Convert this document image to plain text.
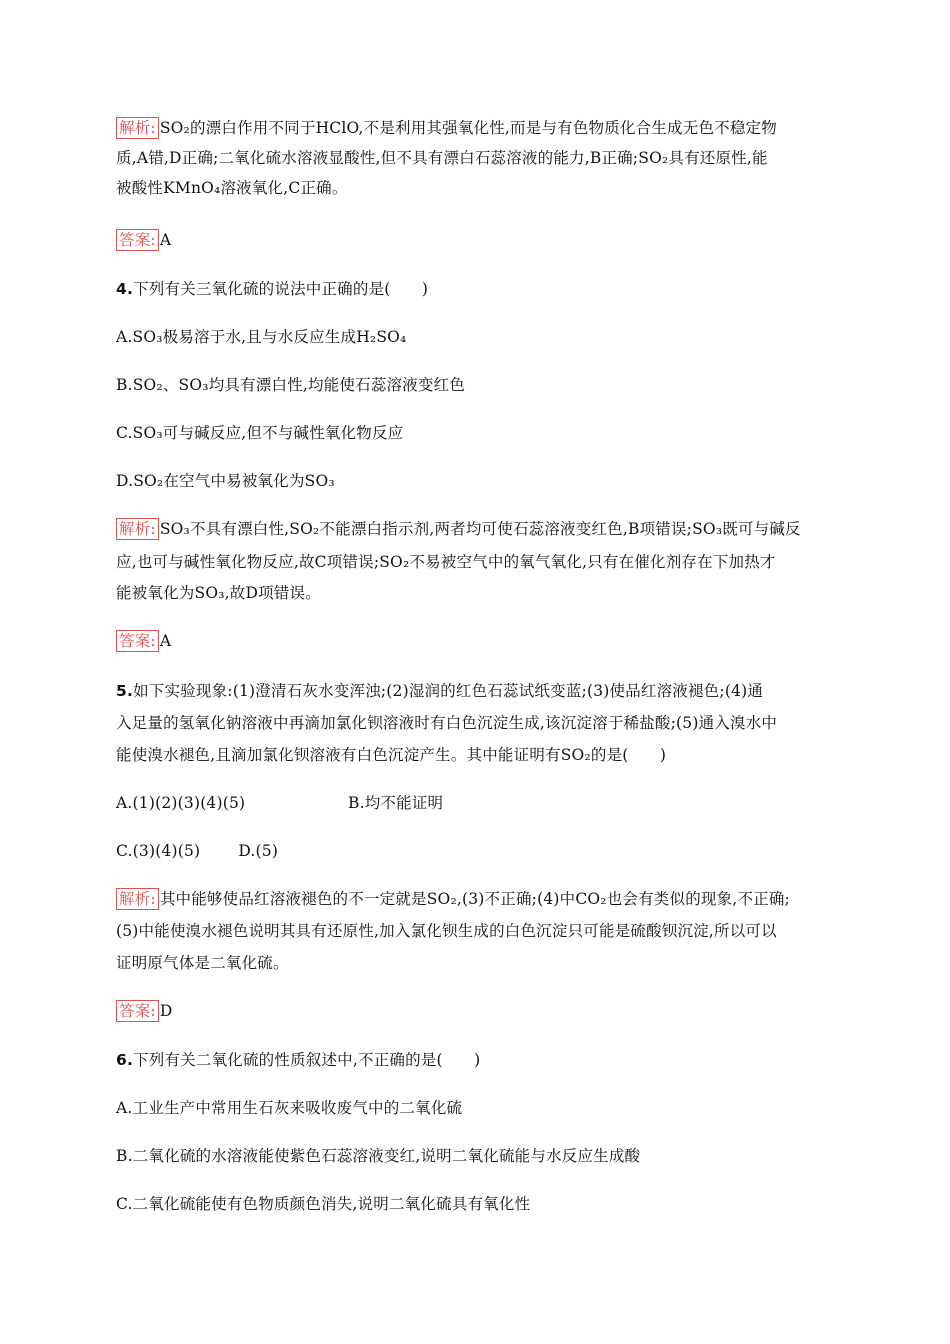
解析: SO₂的漂白作用不同于HClO,不是利用其强氧化性,而是与有色物质化合生成无色不稳定物
质,A错,D正确;二氧化硫水溶液显酸性,但不具有漂白石蕊溶液的能力,B正确;SO₂具有还原性,能
被酸性KMnO₄溶液氧化,C正确。
答案: A
4.下列有关三氧化硫的说法中正确的是(　　)
A.SO₃极易溶于水,且与水反应生成H₂SO₄
B.SO₂、SO₃均具有漂白性,均能使石蕊溶液变红色
C.SO₃可与碱反应,但不与碱性氧化物反应
D.SO₂在空气中易被氧化为SO₃
解析: SO₃不具有漂白性,SO₂不能漂白指示剂,两者均可使石蕊溶液变红色,B项错误;SO₃既可与碱反
应,也可与碱性氧化物反应,故C项错误;SO₂不易被空气中的氧气氧化,只有在催化剂存在下加热才
能被氧化为SO₃,故D项错误。
答案: A
5.如下实验现象:(1)澄清石灰水变浑浊;(2)湿润的红色石蕊试纸变蓝;(3)使品红溶液褪色;(4)通
入足量的氢氧化钠溶液中再滴加氯化钡溶液时有白色沉淀生成,该沉淀溶于稀盐酸;(5)通入溴水中
能使溴水褪色,且滴加氯化钡溶液有白色沉淀产生。其中能证明有SO₂的是(　　)
A.(1)(2)(3)(4)(5)	B.均不能证明
C.(3)(4)(5) D.(5)
解析: 其中能够使品红溶液褪色的不一定就是SO₂,(3)不正确;(4)中CO₂也会有类似的现象,不正确;
(5)中能使溴水褪色说明其具有还原性,加入氯化钡生成的白色沉淀只可能是硫酸钡沉淀,所以可以
证明原气体是二氧化硫。
答案: D
6.下列有关二氧化硫的性质叙述中,不正确的是(　　)
A.工业生产中常用生石灰来吸收废气中的二氧化硫
B.二氧化硫的水溶液能使紫色石蕊溶液变红,说明二氧化硫能与水反应生成酸
C.二氧化硫能使有色物质颜色消失,说明二氧化硫具有氧化性
